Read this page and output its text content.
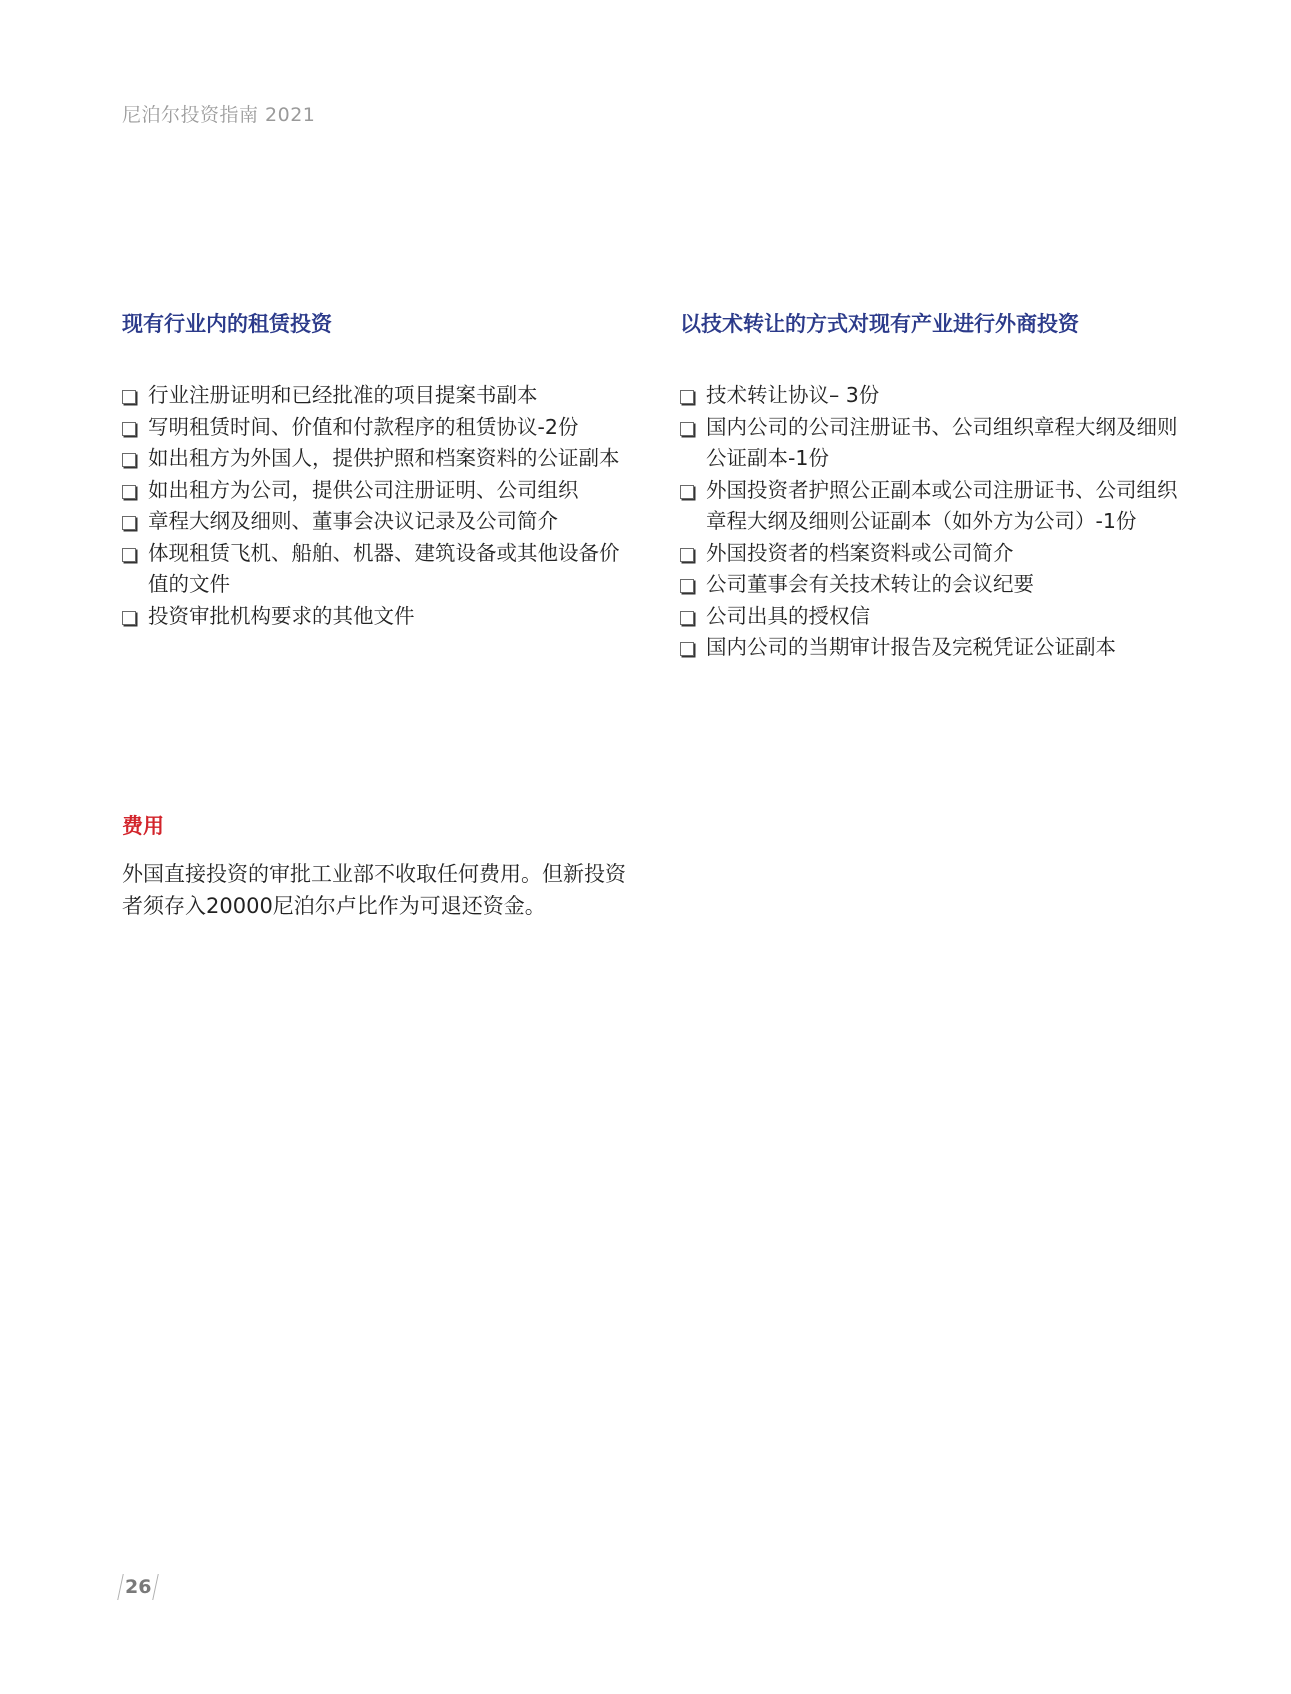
尼泊尔投资指南 2021
现有行业内的租赁投资
行业注册证明和已经批准的项目提案书副本
写明租赁时间、价值和付款程序的租赁协议-2份
如出租方为外国人，提供护照和档案资料的公证副本
如出租方为公司，提供公司注册证明、公司组织
章程大纲及细则、董事会决议记录及公司简介
体现租赁飞机、船舶、机器、建筑设备或其他设备价值的文件
投资审批机构要求的其他文件
以技术转让的方式对现有产业进行外商投资
技术转让协议– 3份
国内公司的公司注册证书、公司组织章程大纲及细则公证副本-1份
外国投资者护照公正副本或公司注册证书、公司组织章程大纲及细则公证副本（如外方为公司）-1份
外国投资者的档案资料或公司简介
公司董事会有关技术转让的会议纪要
公司出具的授权信
国内公司的当期审计报告及完税凭证公证副本
费用

外国直接投资的审批工业部不收取任何费用。但新投资者须存入20000尼泊尔卢比作为可退还资金。

26
